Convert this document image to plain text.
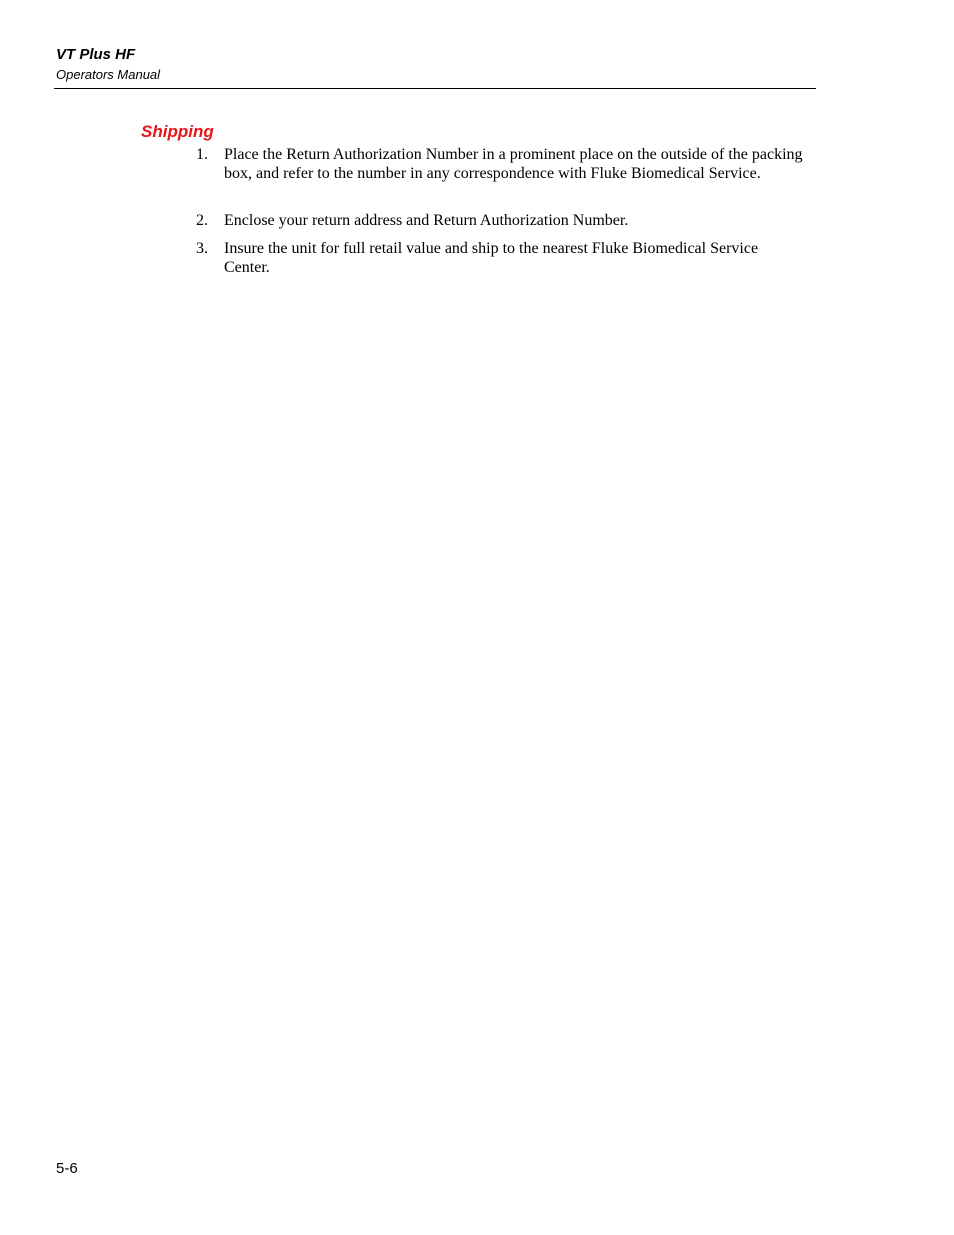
VT Plus HF
Operators Manual
Shipping
1.	Place the Return Authorization Number in a prominent place on the outside of the packing box, and refer to the number in any correspondence with Fluke Biomedical Service.
2.	Enclose your return address and Return Authorization Number.
3.	Insure the unit for full retail value and ship to the nearest Fluke Biomedical Service Center.
5-6
